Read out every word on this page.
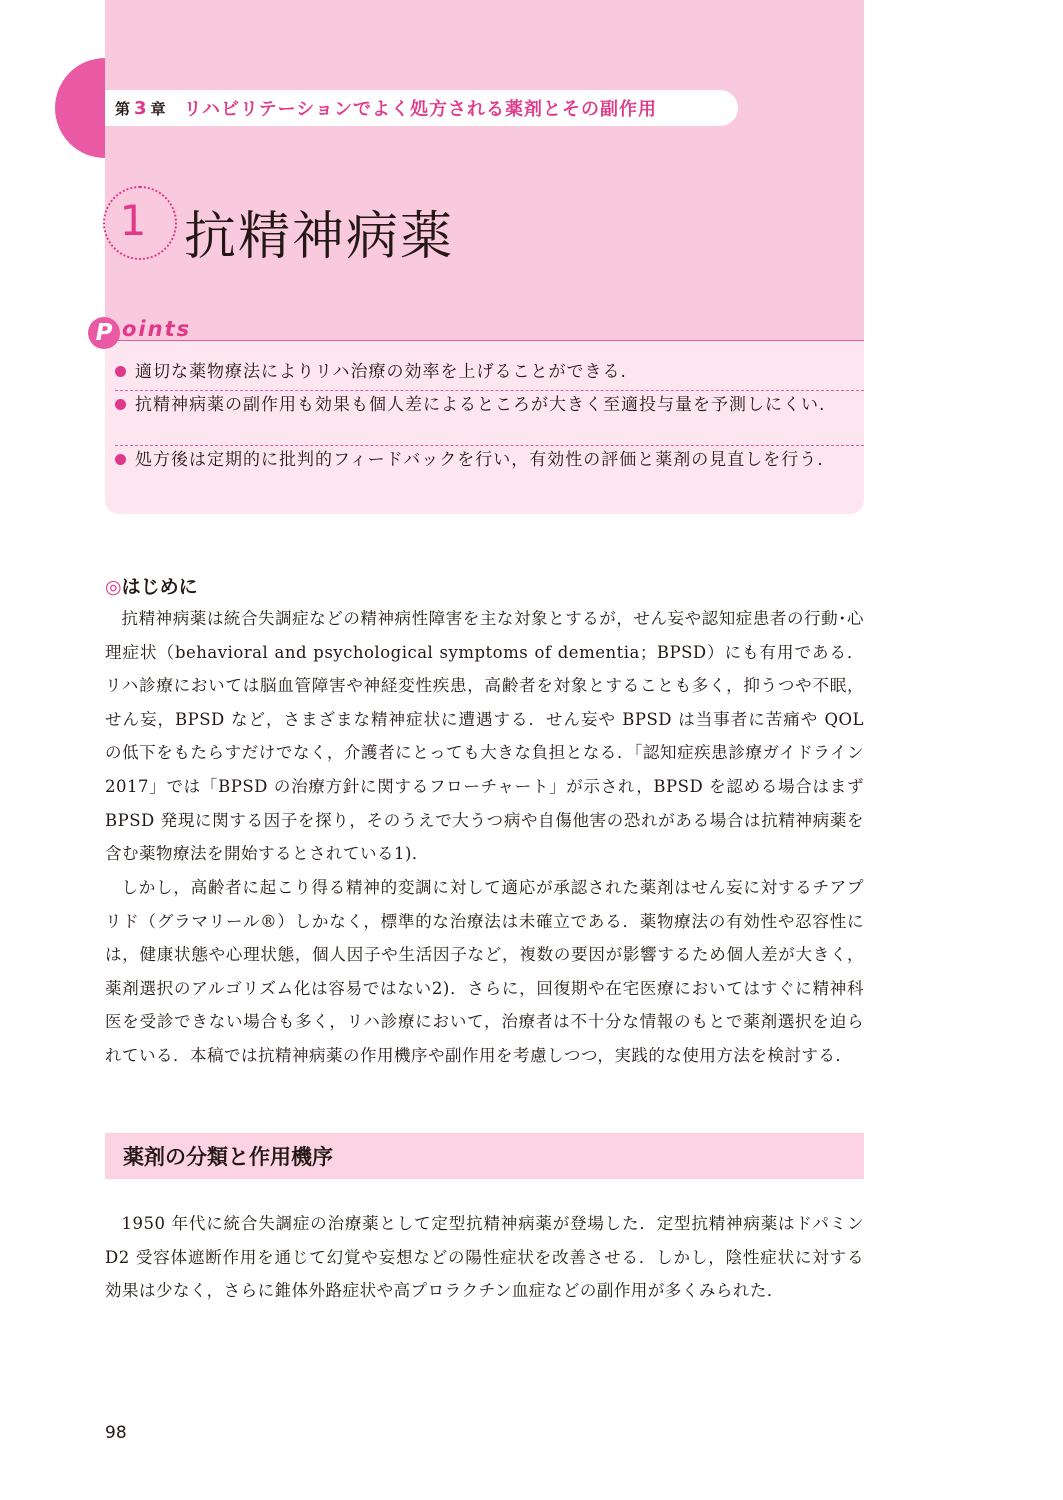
第 3 章 リハビリテーションでよく処方される薬剤とその副作用
1 抗精神病薬
P oints
適切な薬物療法によりリハ治療の効率を上げることができる.
抗精神病薬の副作用も効果も個人差によるところが大きく至適投与量を予測しにくい.
処方後は定期的に批判的フィードバックを行い，有効性の評価と薬剤の見直しを行う.
◎はじめに

抗精神病薬は統合失調症などの精神病性障害を主な対象とするが，せん妄や認知症患者の行動･心理症状（behavioral and psychological symptoms of dementia；BPSD）にも有用である．リハ診療においては脳血管障害や神経変性疾患，高齢者を対象とすることも多く，抑うつや不眠，せん妄，BPSD など，さまざまな精神症状に遭遇する．せん妄や BPSD は当事者に苦痛や QOL の低下をもたらすだけでなく，介護者にとっても大きな負担となる．「認知症疾患診療ガイドライン 2017」では「BPSD の治療方針に関するフローチャート」が示され，BPSD を認める場合はまず BPSD 発現に関する因子を探り，そのうえで大うつ病や自傷他害の恐れがある場合は抗精神病薬を含む薬物療法を開始するとされている1)．

しかし，高齢者に起こり得る精神的変調に対して適応が承認された薬剤はせん妄に対するチアプリド（グラマリール®）しかなく，標準的な治療法は未確立である．薬物療法の有効性や忍容性には，健康状態や心理状態，個人因子や生活因子など，複数の要因が影響するため個人差が大きく，薬剤選択のアルゴリズム化は容易ではない2)．さらに，回復期や在宅医療においてはすぐに精神科医を受診できない場合も多く，リハ診療において，治療者は不十分な情報のもとで薬剤選択を迫られている．本稿では抗精神病薬の作用機序や副作用を考慮しつつ，実践的な使用方法を検討する．

薬剤の分類と作用機序

1950 年代に統合失調症の治療薬として定型抗精神病薬が登場した．定型抗精神病薬はドパミン D2 受容体遮断作用を通じて幻覚や妄想などの陽性症状を改善させる．しかし，陰性症状に対する効果は少なく，さらに錐体外路症状や高プロラクチン血症などの副作用が多くみられた．

98
